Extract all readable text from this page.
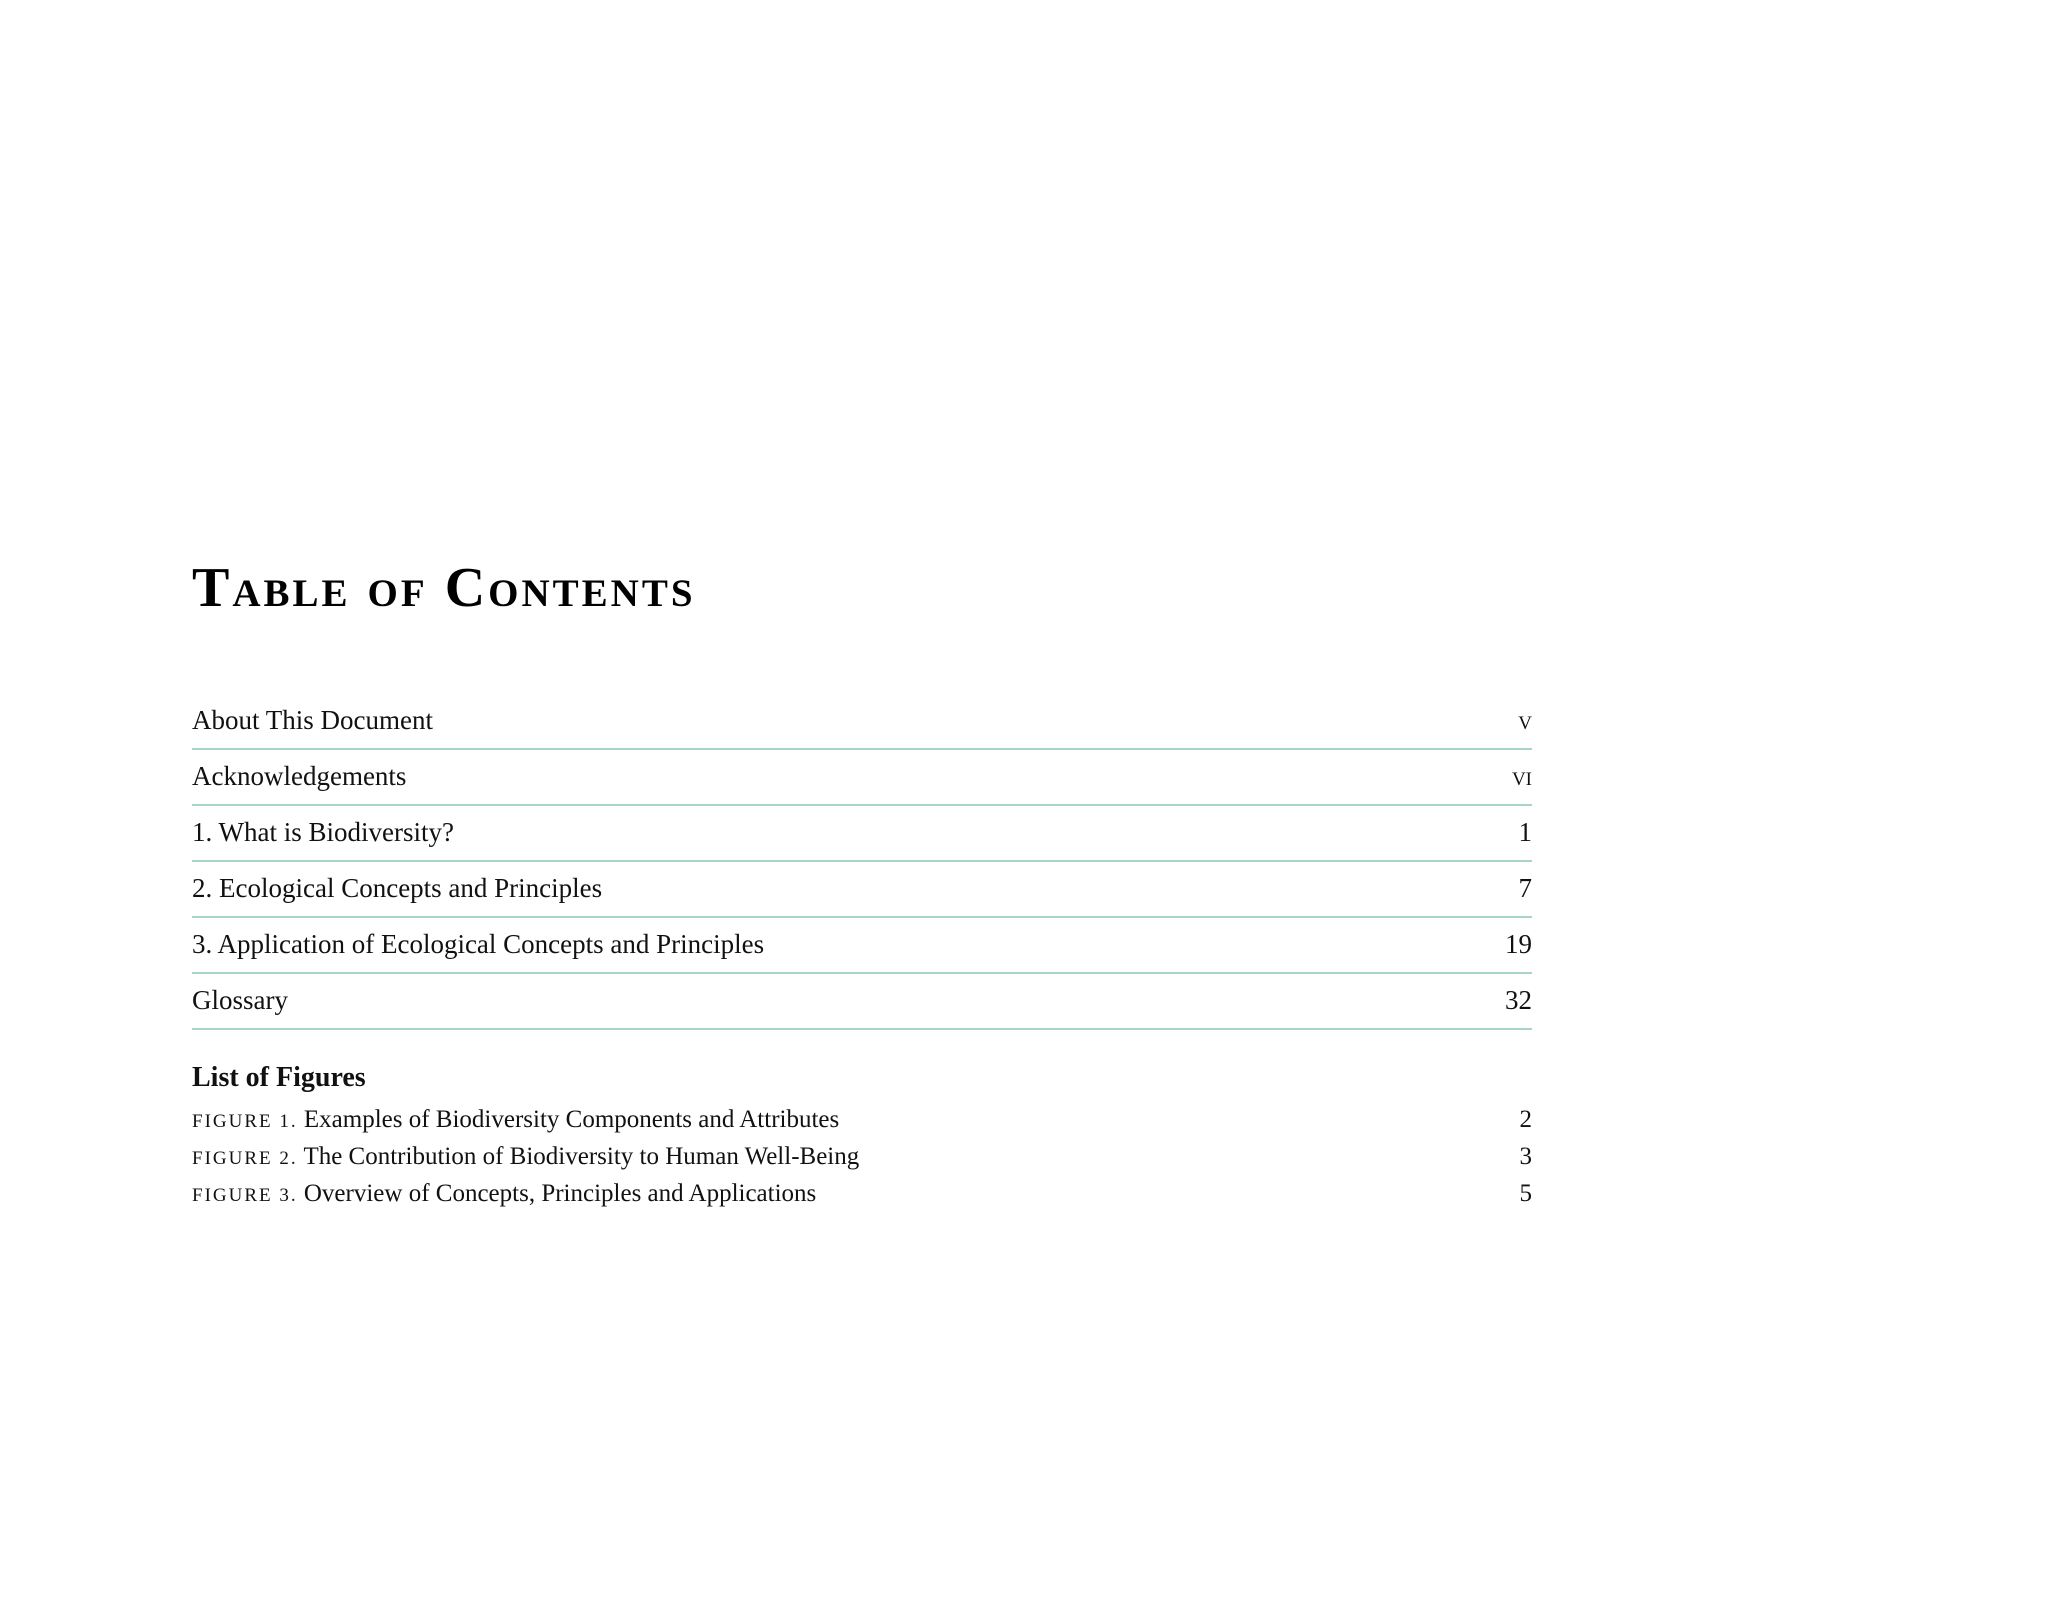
Table of Contents
About This Document	v
Acknowledgements	vi
1. What is Biodiversity?	1
2. Ecological Concepts and Principles	7
3. Application of Ecological Concepts and Principles	19
Glossary	32
List of Figures
FIGURE 1. Examples of Biodiversity Components and Attributes	2
FIGURE 2. The Contribution of Biodiversity to Human Well-Being	3
FIGURE 3. Overview of Concepts, Principles and Applications	5
